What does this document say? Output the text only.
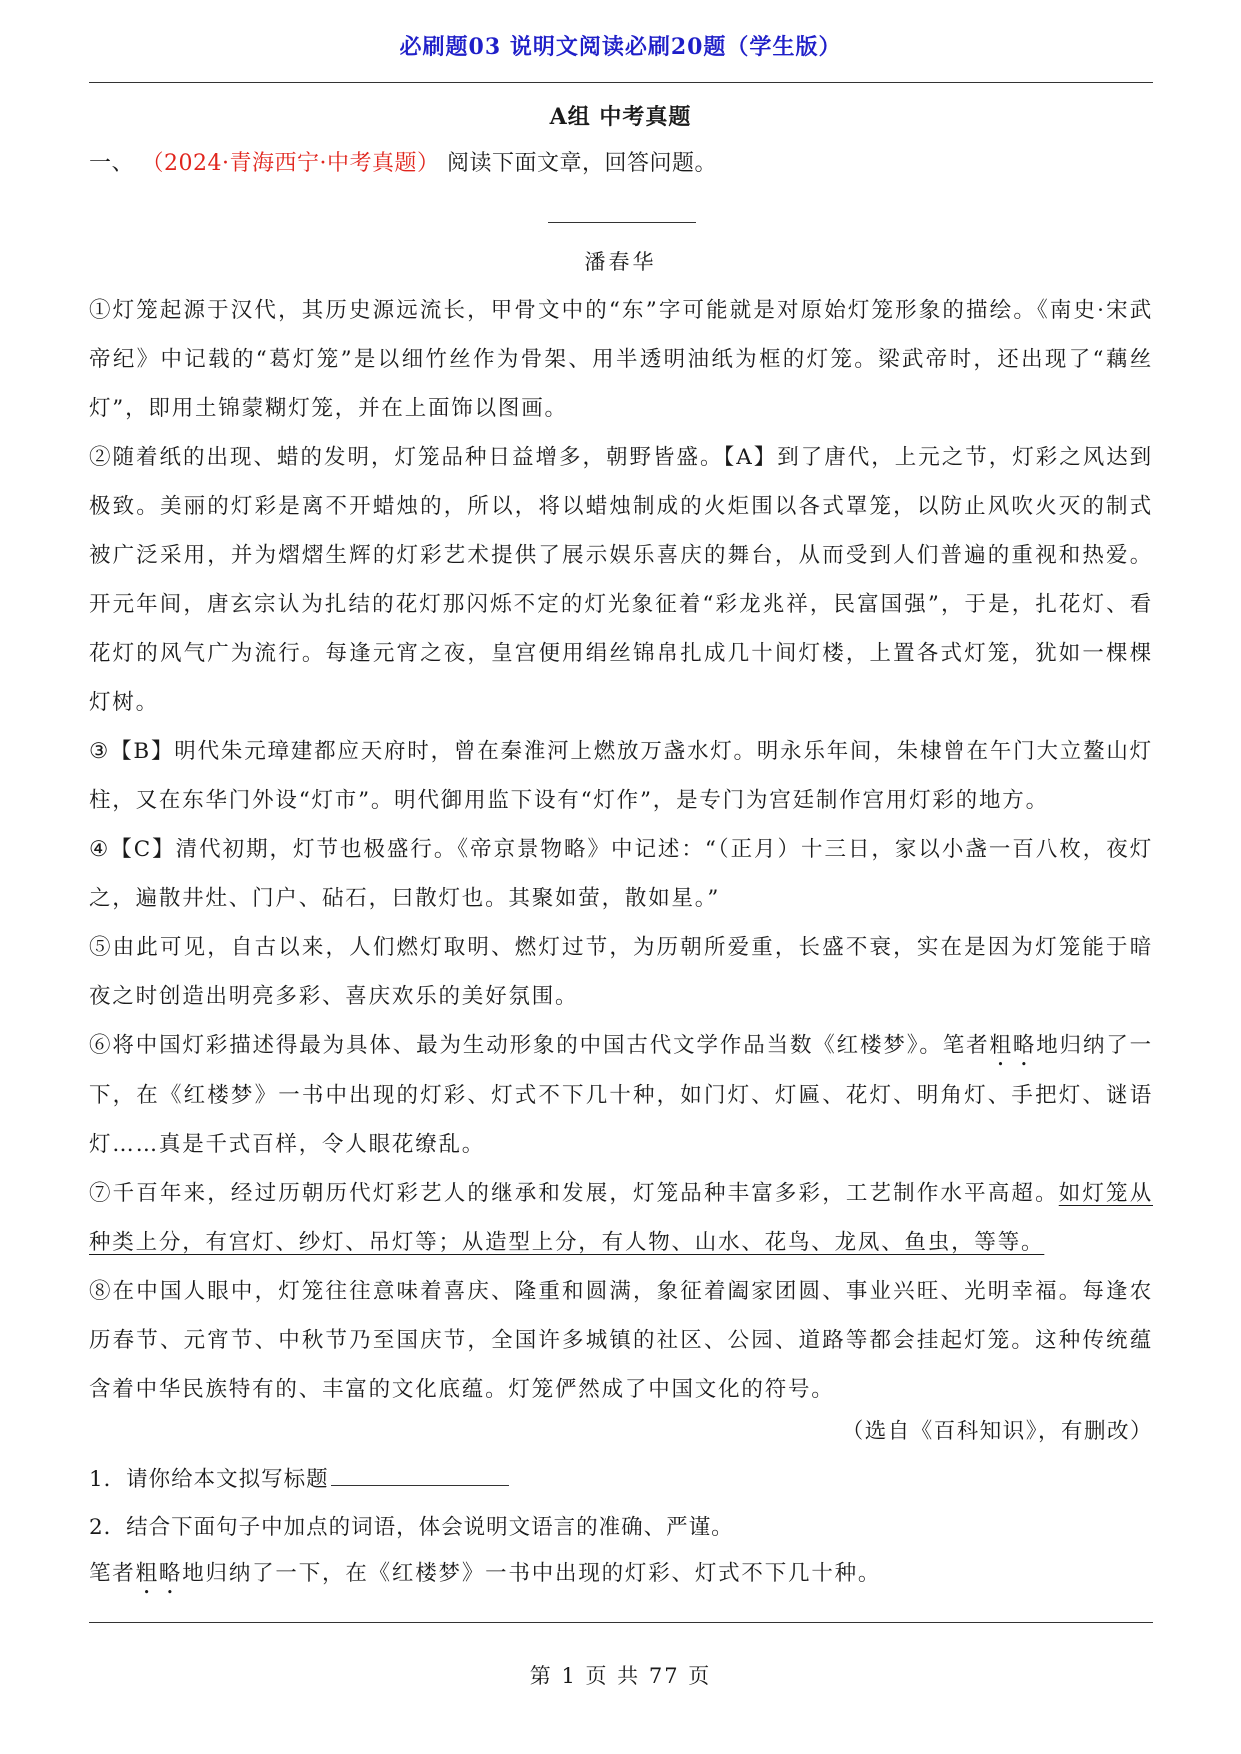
必刷题03 说明文阅读必刷20题（学生版）
A组 中考真题
一、 （2024·青海西宁·中考真题） 阅读下面文章，回答问题。
潘春华

①灯笼起源于汉代，其历史源远流长，甲骨文中的“东”字可能就是对原始灯笼形象的描绘。《南史·宋武帝纪》中记载的“葛灯笼”是以细竹丝作为骨架、用半透明油纸为框的灯笼。梁武帝时，还出现了“藕丝灯”，即用土锦蒙糊灯笼，并在上面饰以图画。

②随着纸的出现、蜡的发明，灯笼品种日益增多，朝野皆盛。【A】到了唐代，上元之节，灯彩之风达到极致。美丽的灯彩是离不开蜡烛的，所以，将以蜡烛制成的火炬围以各式罩笼，以防止风吹火灭的制式被广泛采用，并为熠熠生辉的灯彩艺术提供了展示娱乐喜庆的舞台，从而受到人们普遍的重视和热爱。开元年间，唐玄宗认为扎结的花灯那闪烁不定的灯光象征着“彩龙兆祥，民富国强”，于是，扎花灯、看花灯的风气广为流行。每逢元宵之夜，皇宫便用绢丝锦帛扎成几十间灯楼，上置各式灯笼，犹如一棵棵灯树。

③【B】明代朱元璋建都应天府时，曾在秦淮河上燃放万盏水灯。明永乐年间，朱棣曾在午门大立鳌山灯柱，又在东华门外设“灯市”。明代御用监下设有“灯作”，是专门为宫廷制作宫用灯彩的地方。

④【C】清代初期，灯节也极盛行。《帝京景物略》中记述：“（正月）十三日，家以小盏一百八枚，夜灯之，遍散井灶、门户、砧石，曰散灯也。其聚如萤，散如星。”

⑤由此可见，自古以来，人们燃灯取明、燃灯过节，为历朝所爱重，长盛不衰，实在是因为灯笼能于暗夜之时创造出明亮多彩、喜庆欢乐的美好氛围。

⑥将中国灯彩描述得最为具体、最为生动形象的中国古代文学作品当数《红楼梦》。笔者粗略地归纳了一下，在《红楼梦》一书中出现的灯彩、灯式不下几十种，如门灯、灯匾、花灯、明角灯、手把灯、谜语灯……真是千式百样，令人眼花缭乱。

⑦千百年来，经过历朝历代灯彩艺人的继承和发展，灯笼品种丰富多彩，工艺制作水平高超。如灯笼从种类上分，有宫灯、纱灯、吊灯等；从造型上分，有人物、山水、花鸟、龙凤、鱼虫，等等。

⑧在中国人眼中，灯笼往往意味着喜庆、隆重和圆满，象征着阖家团圆、事业兴旺、光明幸福。每逢农历春节、元宵节、中秋节乃至国庆节，全国许多城镇的社区、公园、道路等都会挂起灯笼。这种传统蕴含着中华民族特有的、丰富的文化底蕴。灯笼俨然成了中国文化的符号。

（选自《百科知识》，有删改）
1．请你给本文拟写标题
2．结合下面句子中加点的词语，体会说明文语言的准确、严谨。
笔者粗略地归纳了一下，在《红楼梦》一书中出现的灯彩、灯式不下几十种。
第 1 页 共 77 页
